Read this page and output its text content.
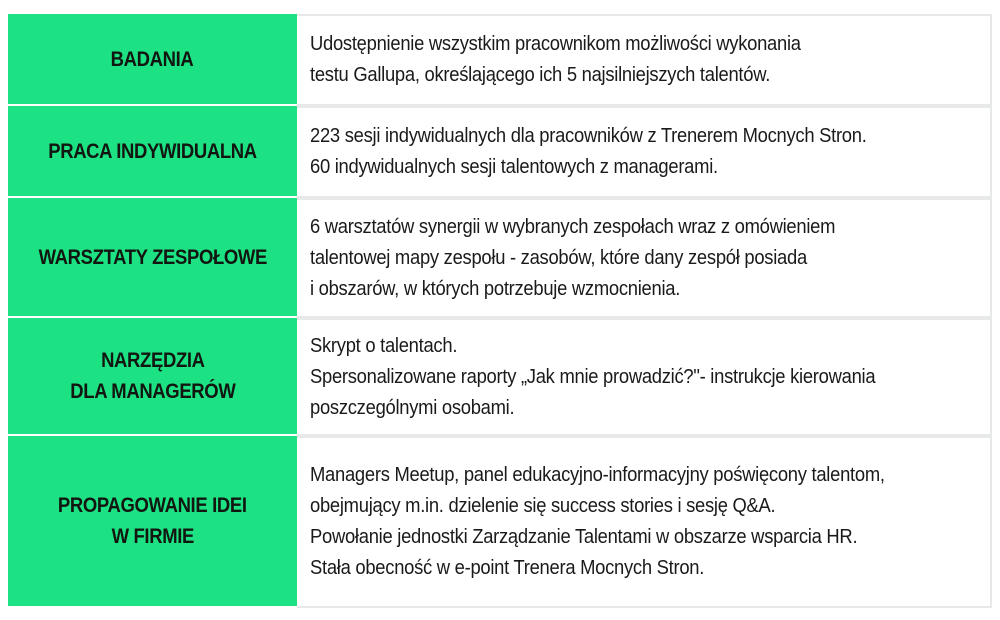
BADANIA
Udostępnienie wszystkim pracownikom możliwości wykonania
testu Gallupa, określającego ich 5 najsilniejszych talentów.
PRACA INDYWIDUALNA
223 sesji indywidualnych dla pracowników z Trenerem Mocnych Stron.
60 indywidualnych sesji talentowych z managerami.
WARSZTATY ZESPOŁOWE
6 warsztatów synergii w wybranych zespołach wraz z omówieniem
talentowej mapy zespołu - zasobów, które dany zespół posiada
i obszarów, w których potrzebuje wzmocnienia.
NARZĘDZIA
DLA MANAGERÓW
Skrypt o talentach.
Spersonalizowane raporty „Jak mnie prowadzić?"- instrukcje kierowania
poszczególnymi osobami.
PROPAGOWANIE IDEI
W FIRMIE
Managers Meetup, panel edukacyjno-informacyjny poświęcony talentom,
obejmujący m.in. dzielenie się success stories i sesję Q&A.
Powołanie jednostki Zarządzanie Talentami w obszarze wsparcia HR.
Stała obecność w e-point Trenera Mocnych Stron.
